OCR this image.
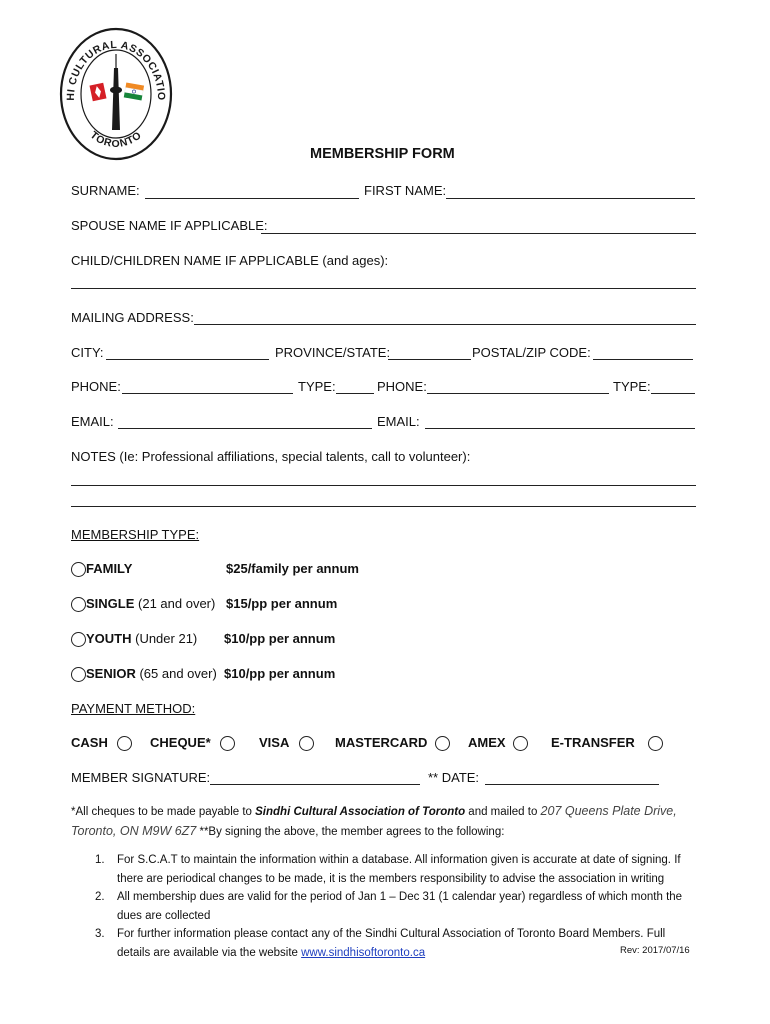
HI CULTURAL ASSOCIATIO
TORONTO
MEMBERSHIP FORM
SURNAME:	FIRST NAME:
SPOUSE NAME IF APPLICABLE:
CHILD/CHILDREN NAME IF APPLICABLE (and ages):
MAILING ADDRESS:
CITY:	PROVINCE/STATE:	POSTAL/ZIP CODE:
PHONE:	TYPE:	PHONE:	TYPE:
EMAIL:	EMAIL:
NOTES (Ie: Professional affiliations, special talents, call to volunteer):
MEMBERSHIP TYPE:
FAMILY	$25/family per annum
SINGLE (21 and over) $15/pp per annum
YOUTH (Under 21) $10/pp per annum
SENIOR (65 and over) $10/pp per annum
PAYMENT METHOD:
CASH	CHEQUE*	VISA	MASTERCARD	AMEX	E-TRANSFER
MEMBER SIGNATURE:	** DATE:
*All cheques to be made payable to Sindhi Cultural Association of Toronto and mailed to 207 Queens Plate Drive,
Toronto, ON M9W 6Z7 **By signing the above, the member agrees to the following:
1. For S.C.A.T to maintain the information within a database. All information given is accurate at date of signing. If
there are periodical changes to be made, it is the members responsibility to advise the association in writing
2. All membership dues are valid for the period of Jan 1 – Dec 31 (1 calendar year) regardless of which month the
dues are collected
3. For further information please contact any of the Sindhi Cultural Association of Toronto Board Members. Full
details are available via the website www.sindhisoftoronto.ca	Rev: 2017/07/16
